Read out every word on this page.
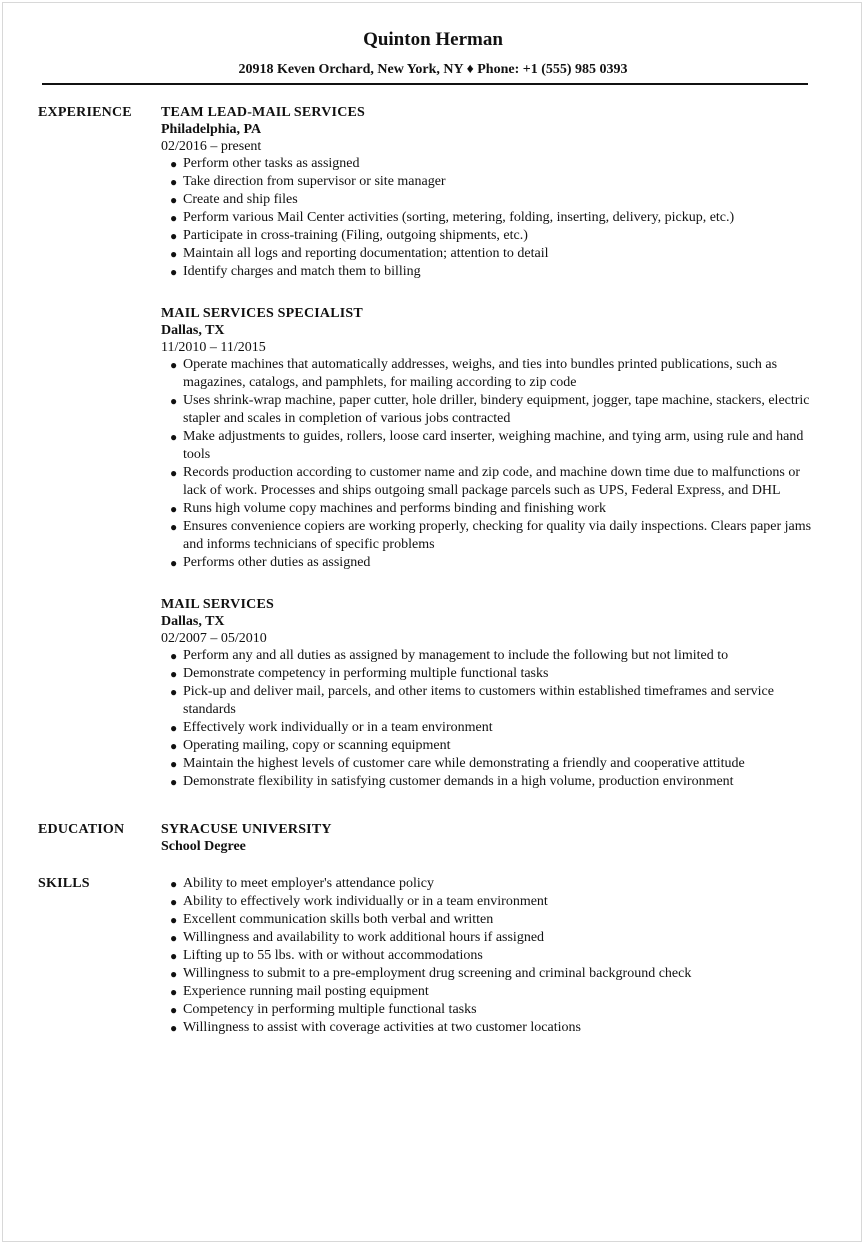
Quinton Herman
20918 Keven Orchard, New York, NY ♦ Phone: +1 (555) 985 0393
EXPERIENCE	TEAM LEAD-MAIL SERVICES
Philadelphia, PA
02/2016 – present
● Perform other tasks as assigned
● Take direction from supervisor or site manager
● Create and ship files
● Perform various Mail Center activities (sorting, metering, folding, inserting, delivery, pickup, etc.)
● Participate in cross-training (Filing, outgoing shipments, etc.)
● Maintain all logs and reporting documentation; attention to detail
● Identify charges and match them to billing
MAIL SERVICES SPECIALIST
Dallas, TX
11/2010 – 11/2015
● Operate machines that automatically addresses, weighs, and ties into bundles printed publications, such as magazines, catalogs, and pamphlets, for mailing according to zip code
● Uses shrink-wrap machine, paper cutter, hole driller, bindery equipment, jogger, tape machine, stackers, electric stapler and scales in completion of various jobs contracted
● Make adjustments to guides, rollers, loose card inserter, weighing machine, and tying arm, using rule and hand tools
● Records production according to customer name and zip code, and machine down time due to malfunctions or lack of work. Processes and ships outgoing small package parcels such as UPS, Federal Express, and DHL
● Runs high volume copy machines and performs binding and finishing work
● Ensures convenience copiers are working properly, checking for quality via daily inspections. Clears paper jams and informs technicians of specific problems
● Performs other duties as assigned
MAIL SERVICES
Dallas, TX
02/2007 – 05/2010
● Perform any and all duties as assigned by management to include the following but not limited to
● Demonstrate competency in performing multiple functional tasks
● Pick-up and deliver mail, parcels, and other items to customers within established timeframes and service standards
● Effectively work individually or in a team environment
● Operating mailing, copy or scanning equipment
● Maintain the highest levels of customer care while demonstrating a friendly and cooperative attitude
● Demonstrate flexibility in satisfying customer demands in a high volume, production environment
EDUCATION	SYRACUSE UNIVERSITY
School Degree
SKILLS	● Ability to meet employer's attendance policy
● Ability to effectively work individually or in a team environment
● Excellent communication skills both verbal and written
● Willingness and availability to work additional hours if assigned
● Lifting up to 55 lbs. with or without accommodations
● Willingness to submit to a pre-employment drug screening and criminal background check
● Experience running mail posting equipment
● Competency in performing multiple functional tasks
● Willingness to assist with coverage activities at two customer locations
